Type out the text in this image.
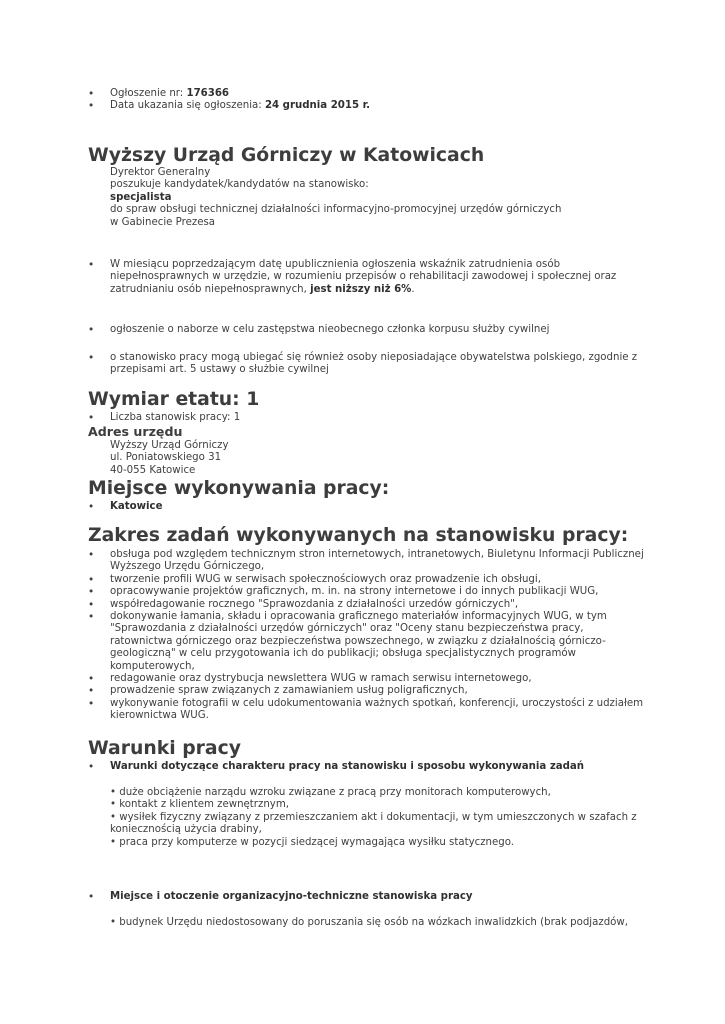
• Ogłoszenie nr: 176366
• Data ukazania się ogłoszenia: 24 grudnia 2015 r.
Wyższy Urząd Górniczy w Katowicach
Dyrektor Generalny
poszukuje kandydatek/kandydatów na stanowisko:
specjalista
do spraw obsługi technicznej działalności informacyjno-promocyjnej urzędów górniczych
w Gabinecie Prezesa
• W miesiącu poprzedzającym datę upublicznienia ogłoszenia wskaźnik zatrudnienia osób niepełnosprawnych w urzędzie, w rozumieniu przepisów o rehabilitacji zawodowej i społecznej oraz zatrudnianiu osób niepełnosprawnych, jest niższy niż 6%.
• ogłoszenie o naborze w celu zastępstwa nieobecnego członka korpusu służby cywilnej
• o stanowisko pracy mogą ubiegać się również osoby nieposiadające obywatelstwa polskiego, zgodnie z przepisami art. 5 ustawy o służbie cywilnej
Wymiar etatu: 1
• Liczba stanowisk pracy: 1
Adres urzędu
Wyższy Urząd Górniczy
ul. Poniatowskiego 31
40-055 Katowice
Miejsce wykonywania pracy:
• Katowice
Zakres zadań wykonywanych na stanowisku pracy:
• obsługa pod względem technicznym stron internetowych, intranetowych, Biuletynu Informacji Publicznej Wyższego Urzędu Górniczego,
• tworzenie profili WUG w serwisach społecznościowych oraz prowadzenie ich obsługi,
• opracowywanie projektów graficznych, m. in. na strony internetowe i do innych publikacji WUG,
• współredagowanie rocznego "Sprawozdania z działalności urzedów górniczych",
• dokonywanie łamania, składu i opracowania graficznego materiałów informacyjnych WUG, w tym "Sprawozdania z działalności urzędów górniczych" oraz "Oceny stanu bezpieczeństwa pracy, ratownictwa górniczego oraz bezpieczeństwa powszechnego, w związku z działalnością górniczo-geologiczną" w celu przygotowania ich do publikacji; obsługa specjalistycznych programów komputerowych,
• redagowanie oraz dystrybucja newslettera WUG w ramach serwisu internetowego,
• prowadzenie spraw związanych z zamawianiem usług poligraficznych,
• wykonywanie fotografii w celu udokumentowania ważnych spotkań, konferencji, uroczystości z udziałem kierownictwa WUG.
Warunki pracy
• Warunki dotyczące charakteru pracy na stanowisku i sposobu wykonywania zadań
• duże obciążenie narządu wzroku związane z pracą przy monitorach komputerowych,
• kontakt z klientem zewnętrznym,
• wysiłek fizyczny związany z przemieszczaniem akt i dokumentacji, w tym umieszczonych w szafach z koniecznością użycia drabiny,
• praca przy komputerze w pozycji siedzącej wymagająca wysiłku statycznego.
• Miejsce i otoczenie organizacyjno-techniczne stanowiska pracy
• budynek Urzędu niedostosowany do poruszania się osób na wózkach inwalidzkich (brak podjazdów,
